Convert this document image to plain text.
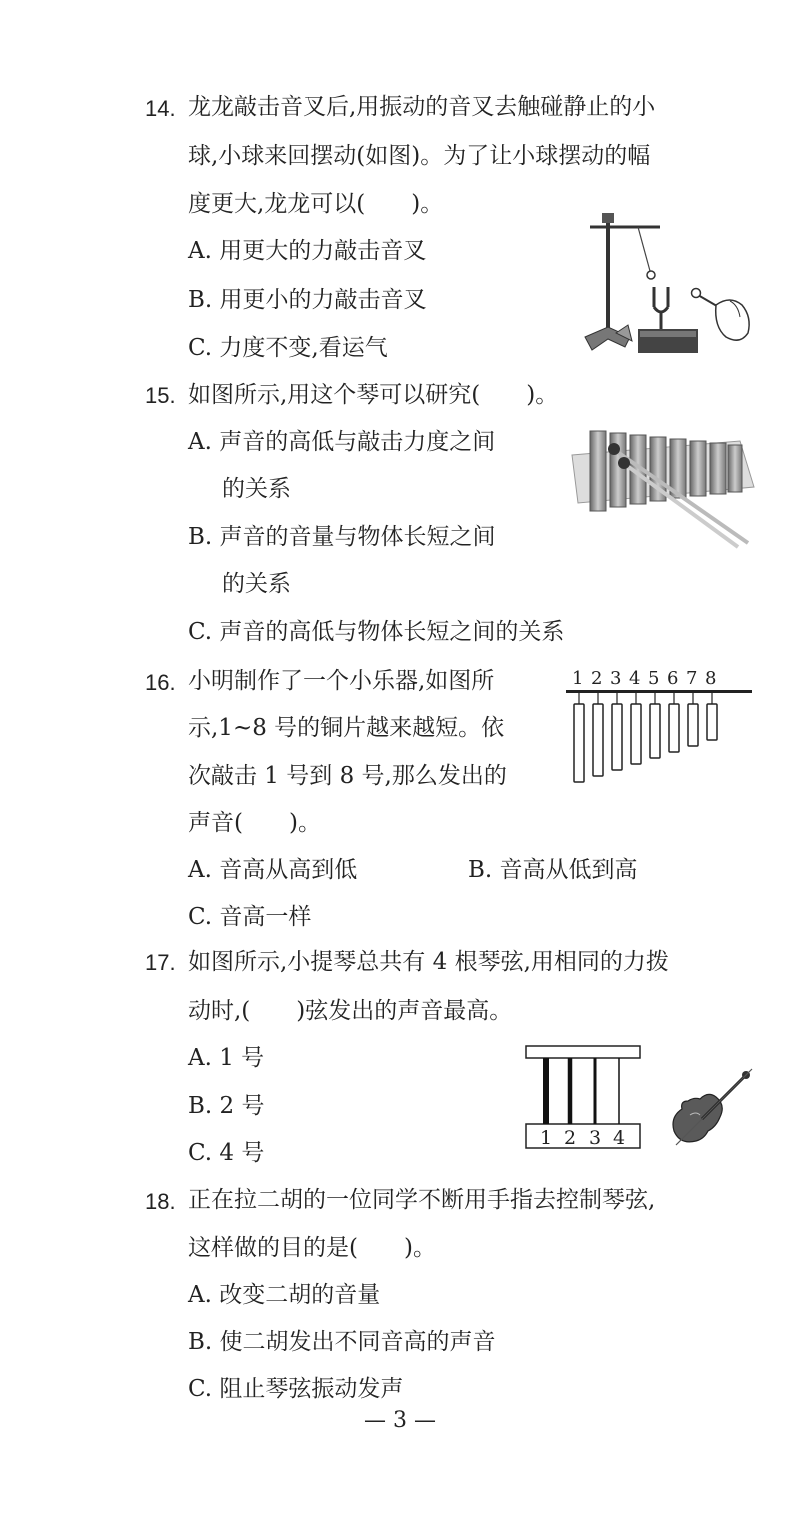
14. 龙龙敲击音叉后,用振动的音叉去触碰静止的小
球,小球来回摆动(如图)。为了让小球摆动的幅
度更大,龙龙可以(　　)。
A. 用更大的力敲击音叉
B. 用更小的力敲击音叉
C. 力度不变,看运气
15. 如图所示,用这个琴可以研究(　　)。
A. 声音的高低与敲击力度之间
的关系
B. 声音的音量与物体长短之间
的关系
C. 声音的高低与物体长短之间的关系
16. 小明制作了一个小乐器,如图所
示,1~8 号的铜片越来越短。依
次敲击 1 号到 8 号,那么发出的
声音(　　)。
A. 音高从高到低	B. 音高从低到高
C. 音高一样
1 2 3 4 5 6 7 8
17. 如图所示,小提琴总共有 4 根琴弦,用相同的力拨
动时,(　　)弦发出的声音最高。
A. 1 号
B. 2 号
C. 4 号
1 2 3 4
18. 正在拉二胡的一位同学不断用手指去控制琴弦,
这样做的目的是(　　)。
A. 改变二胡的音量
B. 使二胡发出不同音高的声音
C. 阻止琴弦振动发声
— 3 —
